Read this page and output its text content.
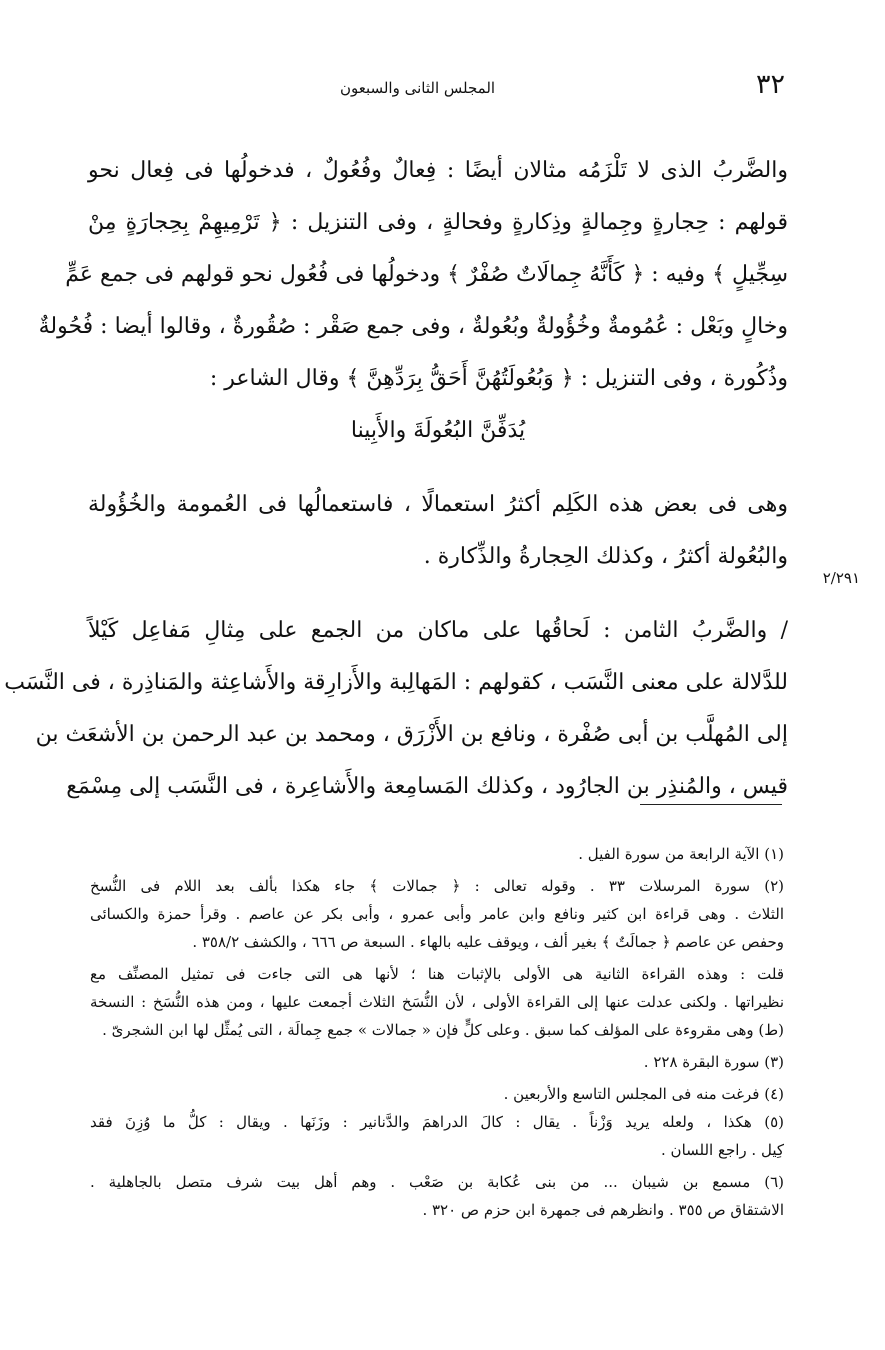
٣٢
المجلس الثانى والسبعون
٢/٢٩١
والضَّربُ الذى لا تَلْزَمُه مثالان أيضًا : فِعالٌ وفُعُولٌ ، فدخولُها فى فِعال نحو
قولهم : حِجارةٍ وجِمالةٍ وذِكارةٍ وفحالةٍ ، وفى التنزيل : ﴿ تَرْمِيهِمْ بِحِجارَةٍ مِنْ
سِجِّيلٍ ﴾ وفيه : ﴿ كَأَنَّهُ جِمالَاتٌ صُفْرٌ ﴾ ودخولُها فى فُعُول نحو قولهم فى جمع عَمٍّ
وخالٍ وبَعْل : عُمُومةٌ وخُؤُولةٌ وبُعُولةٌ ، وفى جمع صَقْر : صُقُورةٌ ، وقالوا أيضا : فُحُولةٌ
وذُكُورة ، وفى التنزيل : ﴿ وَبُعُولَتُهُنَّ أَحَقُّ بِرَدِّهِنَّ ﴾ وقال الشاعر :
يُدَفِّنَّ البُعُولَةَ والأَبِينا
وهى فى بعض هذه الكَلِم أكثرُ استعمالًا ، فاستعمالُها فى العُمومة والخُؤُولة
والبُعُولة أكثرُ ، وكذلك الحِجارةُ والذِّكارة .
/ والضَّربُ الثامن : لَحاقُها على ماكان من الجمع على مِثالِ مَفاعِل كَيْلاً
للدَّلالة على معنى النَّسَب ، كقولهم : المَهالِبة والأَزارِقة والأَشاعِثة والمَناذِرة ، فى النَّسَب
إلى المُهلَّب بن أبى صُفْرة ، ونافع بن الأَزْرَق ، ومحمد بن عبد الرحمن بن الأشعَث بن
قيس ، والمُنذِر بن الجارُود ، وكذلك المَسامِعة والأَشاعِرة ، فى النَّسَب إلى مِسْمَع
(١) الآية الرابعة من سورة الفيل .
(٢) سورة المرسلات ٣٣ . وقوله تعالى : ﴿ جمالات ﴾ جاء هكذا بألف بعد اللام فى النُّسخ
الثلاث . وهى قراءة ابن كثير ونافع وابن عامر وأبى عمرو ، وأبى بكر عن عاصم . وقرأ حمزة والكسائى
وحفص عن عاصم ﴿ جمالَتٌ ﴾ بغير ألف ، ويوقف عليه بالهاء . السبعة ص ٦٦٦ ، والكشف ٣٥٨/٢ .
قلت : وهذه القراءة الثانية هى الأولى بالإثبات هنا ؛ لأنها هى التى جاءت فى تمثيل المصنِّف مع
نظيراتها . ولكنى عدلت عنها إلى القراءة الأولى ، لأن النُّسَخ الثلاث أجمعت عليها ، ومن هذه النُّسَخ : النسخة
(ط) وهى مقروءة على المؤلف كما سبق . وعلى كلٍّ فإن « جمالات » جمع جِمالَة ، التى يُمثِّل لها ابن الشجرىّ .
(٣) سورة البقرة ٢٢٨ .
(٤) فرغت منه فى المجلس التاسع والأربعين .
(٥) هكذا ، ولعله يريد وَزْناً . يقال : كالَ الدراهمَ والدَّنانير : وزَنَها . ويقال : كلُّ ما وُزِنَ فقد
كِيل . راجع اللسان .
(٦) مسمع بن شيبان ... من بنى عُكابة بن صَعْب . وهم أهل بيت شرف متصل بالجاهلية .
الاشتقاق ص ٣٥٥ . وانظرهم فى جمهرة ابن حزم ص ٣٢٠ .
